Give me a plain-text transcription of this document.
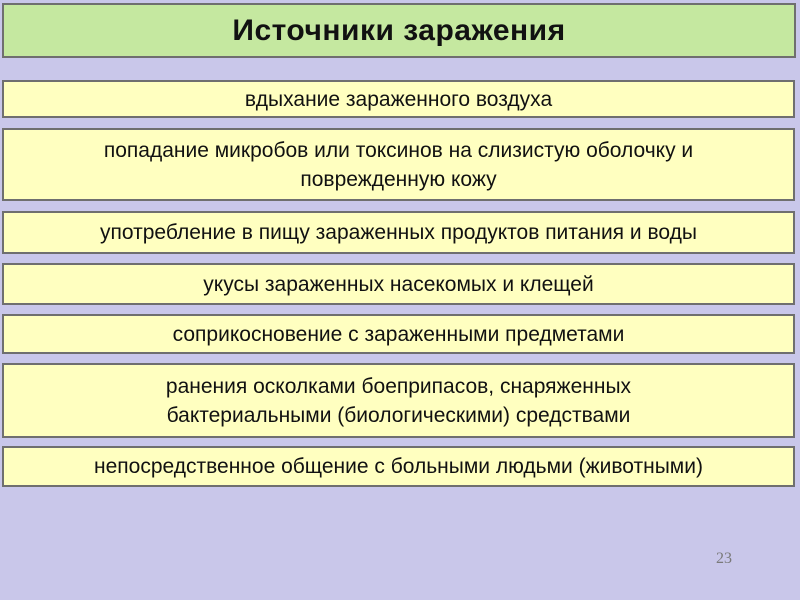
Источники заражения
вдыхание зараженного воздуха
попадание микробов или токсинов на слизистую оболочку и поврежденную кожу
употребление в пищу зараженных продуктов питания и воды
укусы зараженных насекомых и клещей
соприкосновение с зараженными предметами
ранения осколками боеприпасов, снаряженных бактериальными (биологическими) средствами
непосредственное общение с больными людьми (животными)
23
